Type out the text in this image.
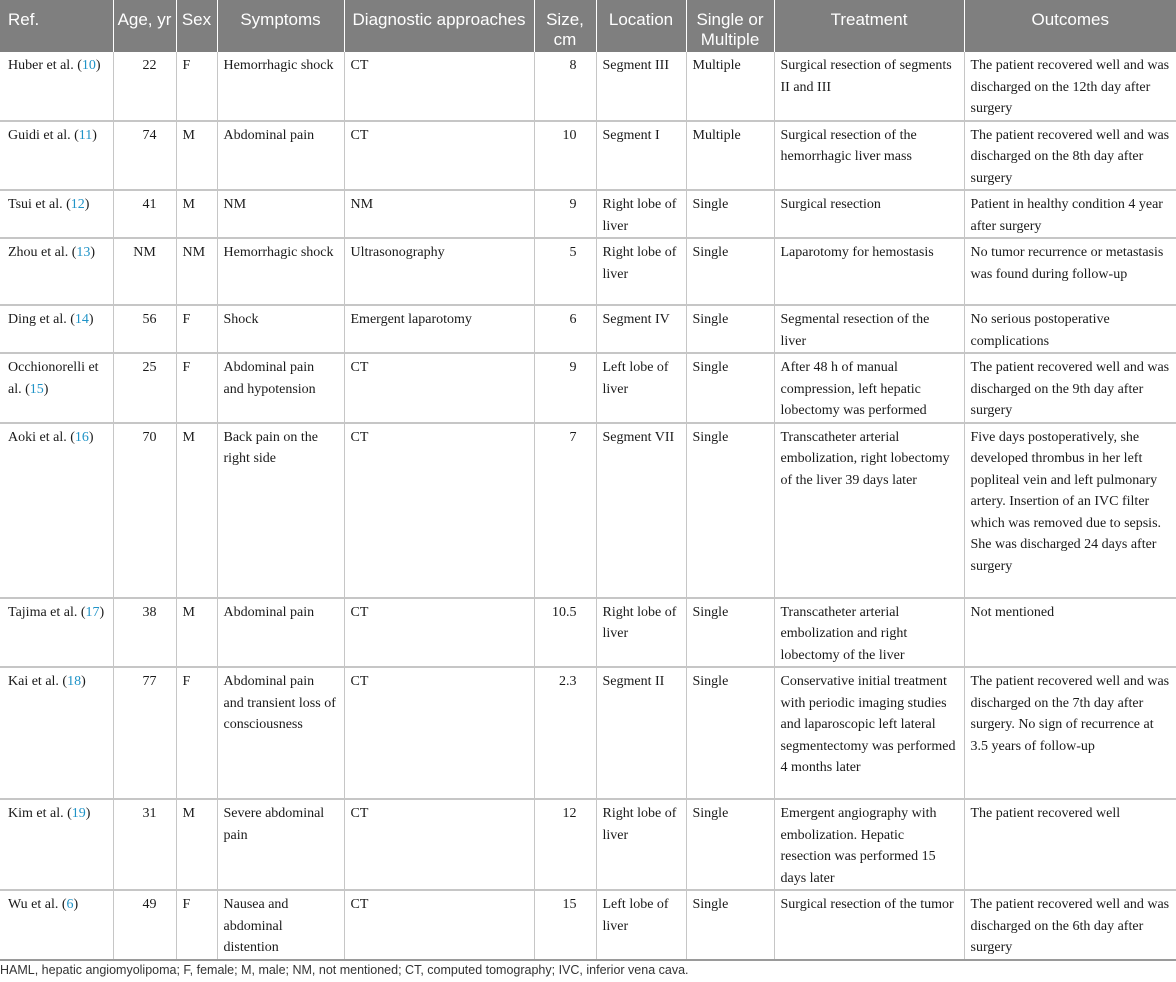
Ref.	Age, yr	Sex	Symptoms	Diagnostic approaches	Size, cm	Location	Single or Multiple	Treatment	Outcomes
Huber et al. (10)	22	F	Hemorrhagic shock	CT	8	Segment III	Multiple	Surgical resection of segments II and III	The patient recovered well and was discharged on the 12th day after surgery
Guidi et al. (11)	74	M	Abdominal pain	CT	10	Segment I	Multiple	Surgical resection of the hemorrhagic liver mass	The patient recovered well and was discharged on the 8th day after surgery
Tsui et al. (12)	41	M	NM	NM	9	Right lobe of liver	Single	Surgical resection	Patient in healthy condition 4 year after surgery
Zhou et al. (13)	NM	NM	Hemorrhagic shock	Ultrasonography	5	Right lobe of liver	Single	Laparotomy for hemostasis	No tumor recurrence or metastasis was found during follow-up
Ding et al. (14)	56	F	Shock	Emergent laparotomy	6	Segment IV	Single	Segmental resection of the liver	No serious postoperative complications
Occhionorelli et al. (15)	25	F	Abdominal pain and hypotension	CT	9	Left lobe of liver	Single	After 48 h of manual compression, left hepatic lobectomy was performed	The patient recovered well and was discharged on the 9th day after surgery
Aoki et al. (16)	70	M	Back pain on the right side	CT	7	Segment VII	Single	Transcatheter arterial embolization, right lobectomy of the liver 39 days later	Five days postoperatively, she developed thrombus in her left popliteal vein and left pulmonary artery. Insertion of an IVC filter which was removed due to sepsis. She was discharged 24 days after surgery
Tajima et al. (17)	38	M	Abdominal pain	CT	10.5	Right lobe of liver	Single	Transcatheter arterial embolization and right lobectomy of the liver	Not mentioned
Kai et al. (18)	77	F	Abdominal pain and transient loss of consciousness	CT	2.3	Segment II	Single	Conservative initial treatment with periodic imaging studies and laparoscopic left lateral segmentectomy was performed 4 months later	The patient recovered well and was discharged on the 7th day after surgery. No sign of recurrence at 3.5 years of follow-up
Kim et al. (19)	31	M	Severe abdominal pain	CT	12	Right lobe of liver	Single	Emergent angiography with embolization. Hepatic resection was performed 15 days later	The patient recovered well
Wu et al. (6)	49	F	Nausea and abdominal distention	CT	15	Left lobe of liver	Single	Surgical resection of the tumor	The patient recovered well and was discharged on the 6th day after surgery
HAML, hepatic angiomyolipoma; F, female; M, male; NM, not mentioned; CT, computed tomography; IVC, inferior vena cava.
